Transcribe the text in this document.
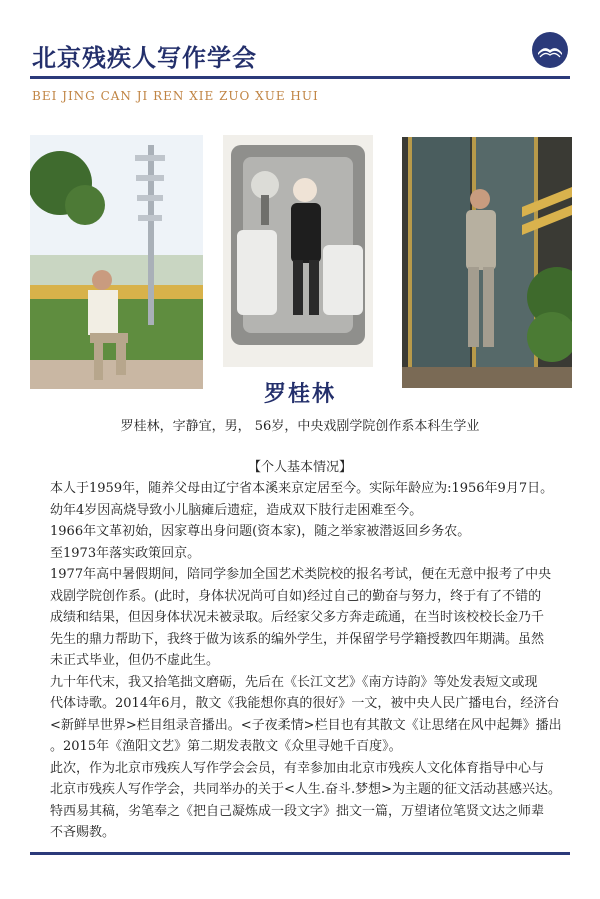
北京残疾人写作学会
BEI JING CAN JI REN XIE ZUO XUE HUI
罗桂林
罗桂林，字静宜，男， 56岁，中央戏剧学院创作系本科生学业
【个人基本情况】
本人于1959年，随养父母由辽宁省本溪来京定居至今。实际年龄应为:1956年9月7日。
幼年4岁因高烧导致小儿脑瘫后遗症，造成双下肢行走困难至今。
1966年文革初始，因家尊出身问题(资本家)，随之举家被潜返回乡务农。
至1973年落实政策回京。
1977年高中暑假期间，陪同学参加全国艺术类院校的报名考试，便在无意中报考了中央
戏剧学院创作系。(此时，身体状况尚可自如)经过自己的勤奋与努力，终于有了不错的
成绩和结果，但因身体状况未被录取。后经家父多方奔走疏通，在当时该校校长金乃千
先生的鼎力帮助下，我终于做为该系的编外学生，并保留学号学籍授教四年期满。虽然
未正式毕业，但仍不虚此生。
九十年代末，我又拾笔拙文磨砺，先后在《长江文艺》《南方诗韵》等处发表短文或现
代体诗歌。2014年6月，散文《我能想你真的很好》一文，被中央人民广播电台，经济台
<新鲜早世界>栏目组录音播出。<子夜柔情>栏目也有其散文《让思绪在风中起舞》播出
。2015年《渔阳文艺》第二期发表散文《众里寻她千百度》。
此次，作为北京市残疾人写作学会会员，有幸参加由北京市残疾人文化体育指导中心与
北京市残疾人写作学会，共同举办的关于<人生.奋斗.梦想>为主题的征文活动甚感兴达。
特西易其稿，劣笔奉之《把自己凝炼成一段文字》拙文一篇，万望诸位笔贤文达之师辈
不吝赐教。
